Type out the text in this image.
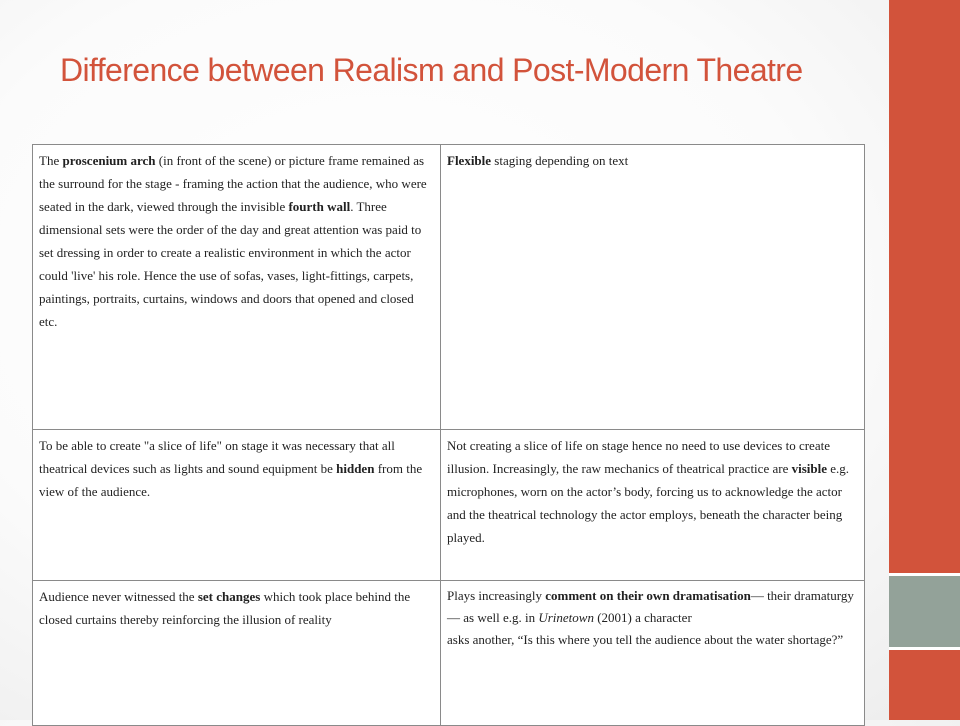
Difference between Realism and Post-Modern Theatre
The proscenium arch (in front of the scene) or picture frame remained as the surround for the stage - framing the action that the audience, who were seated in the dark, viewed through the invisible fourth wall. Three dimensional sets were the order of the day and great attention was paid to set dressing in order to create a realistic environment in which the actor could 'live' his role. Hence the use of sofas, vases, light-fittings, carpets, paintings, portraits, curtains, windows and doors that opened and closed etc.	Flexible staging depending on text
To be able to create "a slice of life" on stage it was necessary that all theatrical devices such as lights and sound equipment be hidden from the view of the audience.	Not creating a slice of life on stage hence no need to use devices to create illusion. Increasingly, the raw mechanics of theatrical practice are visible e.g. microphones, worn on the actor’s body, forcing us to acknowledge the actor and the theatrical technology the actor employs, beneath the character being played.
Audience never witnessed the set changes which took place behind the closed curtains thereby reinforcing the illusion of reality	Plays increasingly comment on their own dramatisation— their dramaturgy — as well e.g. in Urinetown (2001) a character
asks another, “Is this where you tell the audience about the water shortage?”
